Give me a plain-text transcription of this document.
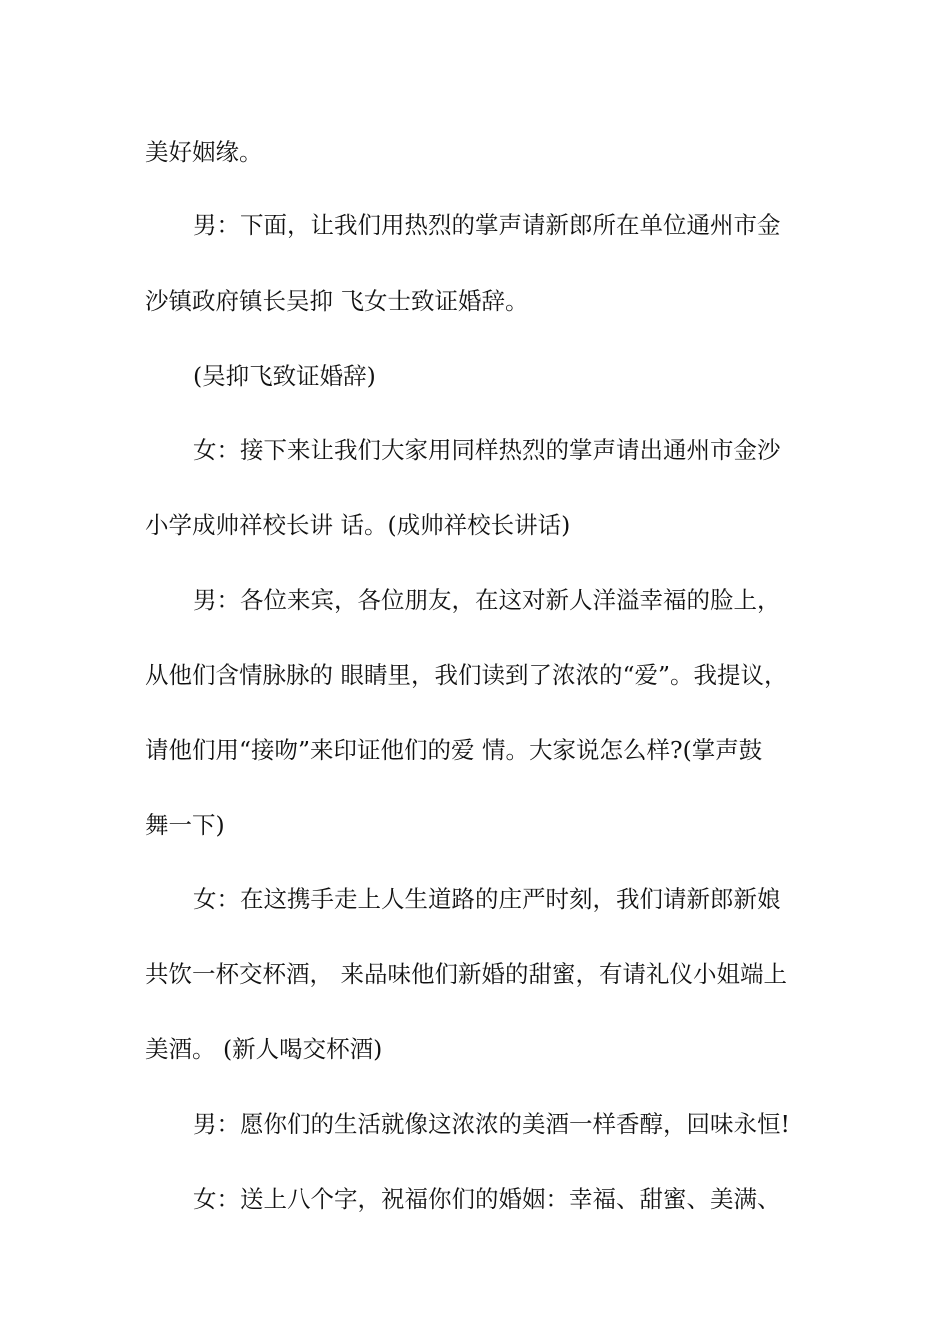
美好姻缘。
男：下面，让我们用热烈的掌声请新郎所在单位通州市金
沙镇政府镇长吴抑 飞女士致证婚辞。
(吴抑飞致证婚辞)
女：接下来让我们大家用同样热烈的掌声请出通州市金沙
小学成帅祥校长讲 话。(成帅祥校长讲话)
男：各位来宾，各位朋友，在这对新人洋溢幸福的脸上，
从他们含情脉脉的 眼睛里，我们读到了浓浓的“爱”。我提议，
请他们用“接吻”来印证他们的爱 情。大家说怎么样?(掌声鼓
舞一下)
女：在这携手走上人生道路的庄严时刻，我们请新郎新娘
共饮一杯交杯酒， 来品味他们新婚的甜蜜，有请礼仪小姐端上
美酒。 (新人喝交杯酒)
男：愿你们的生活就像这浓浓的美酒一样香醇，回味永恒!
女：送上八个字，祝福你们的婚姻：幸福、甜蜜、美满、
